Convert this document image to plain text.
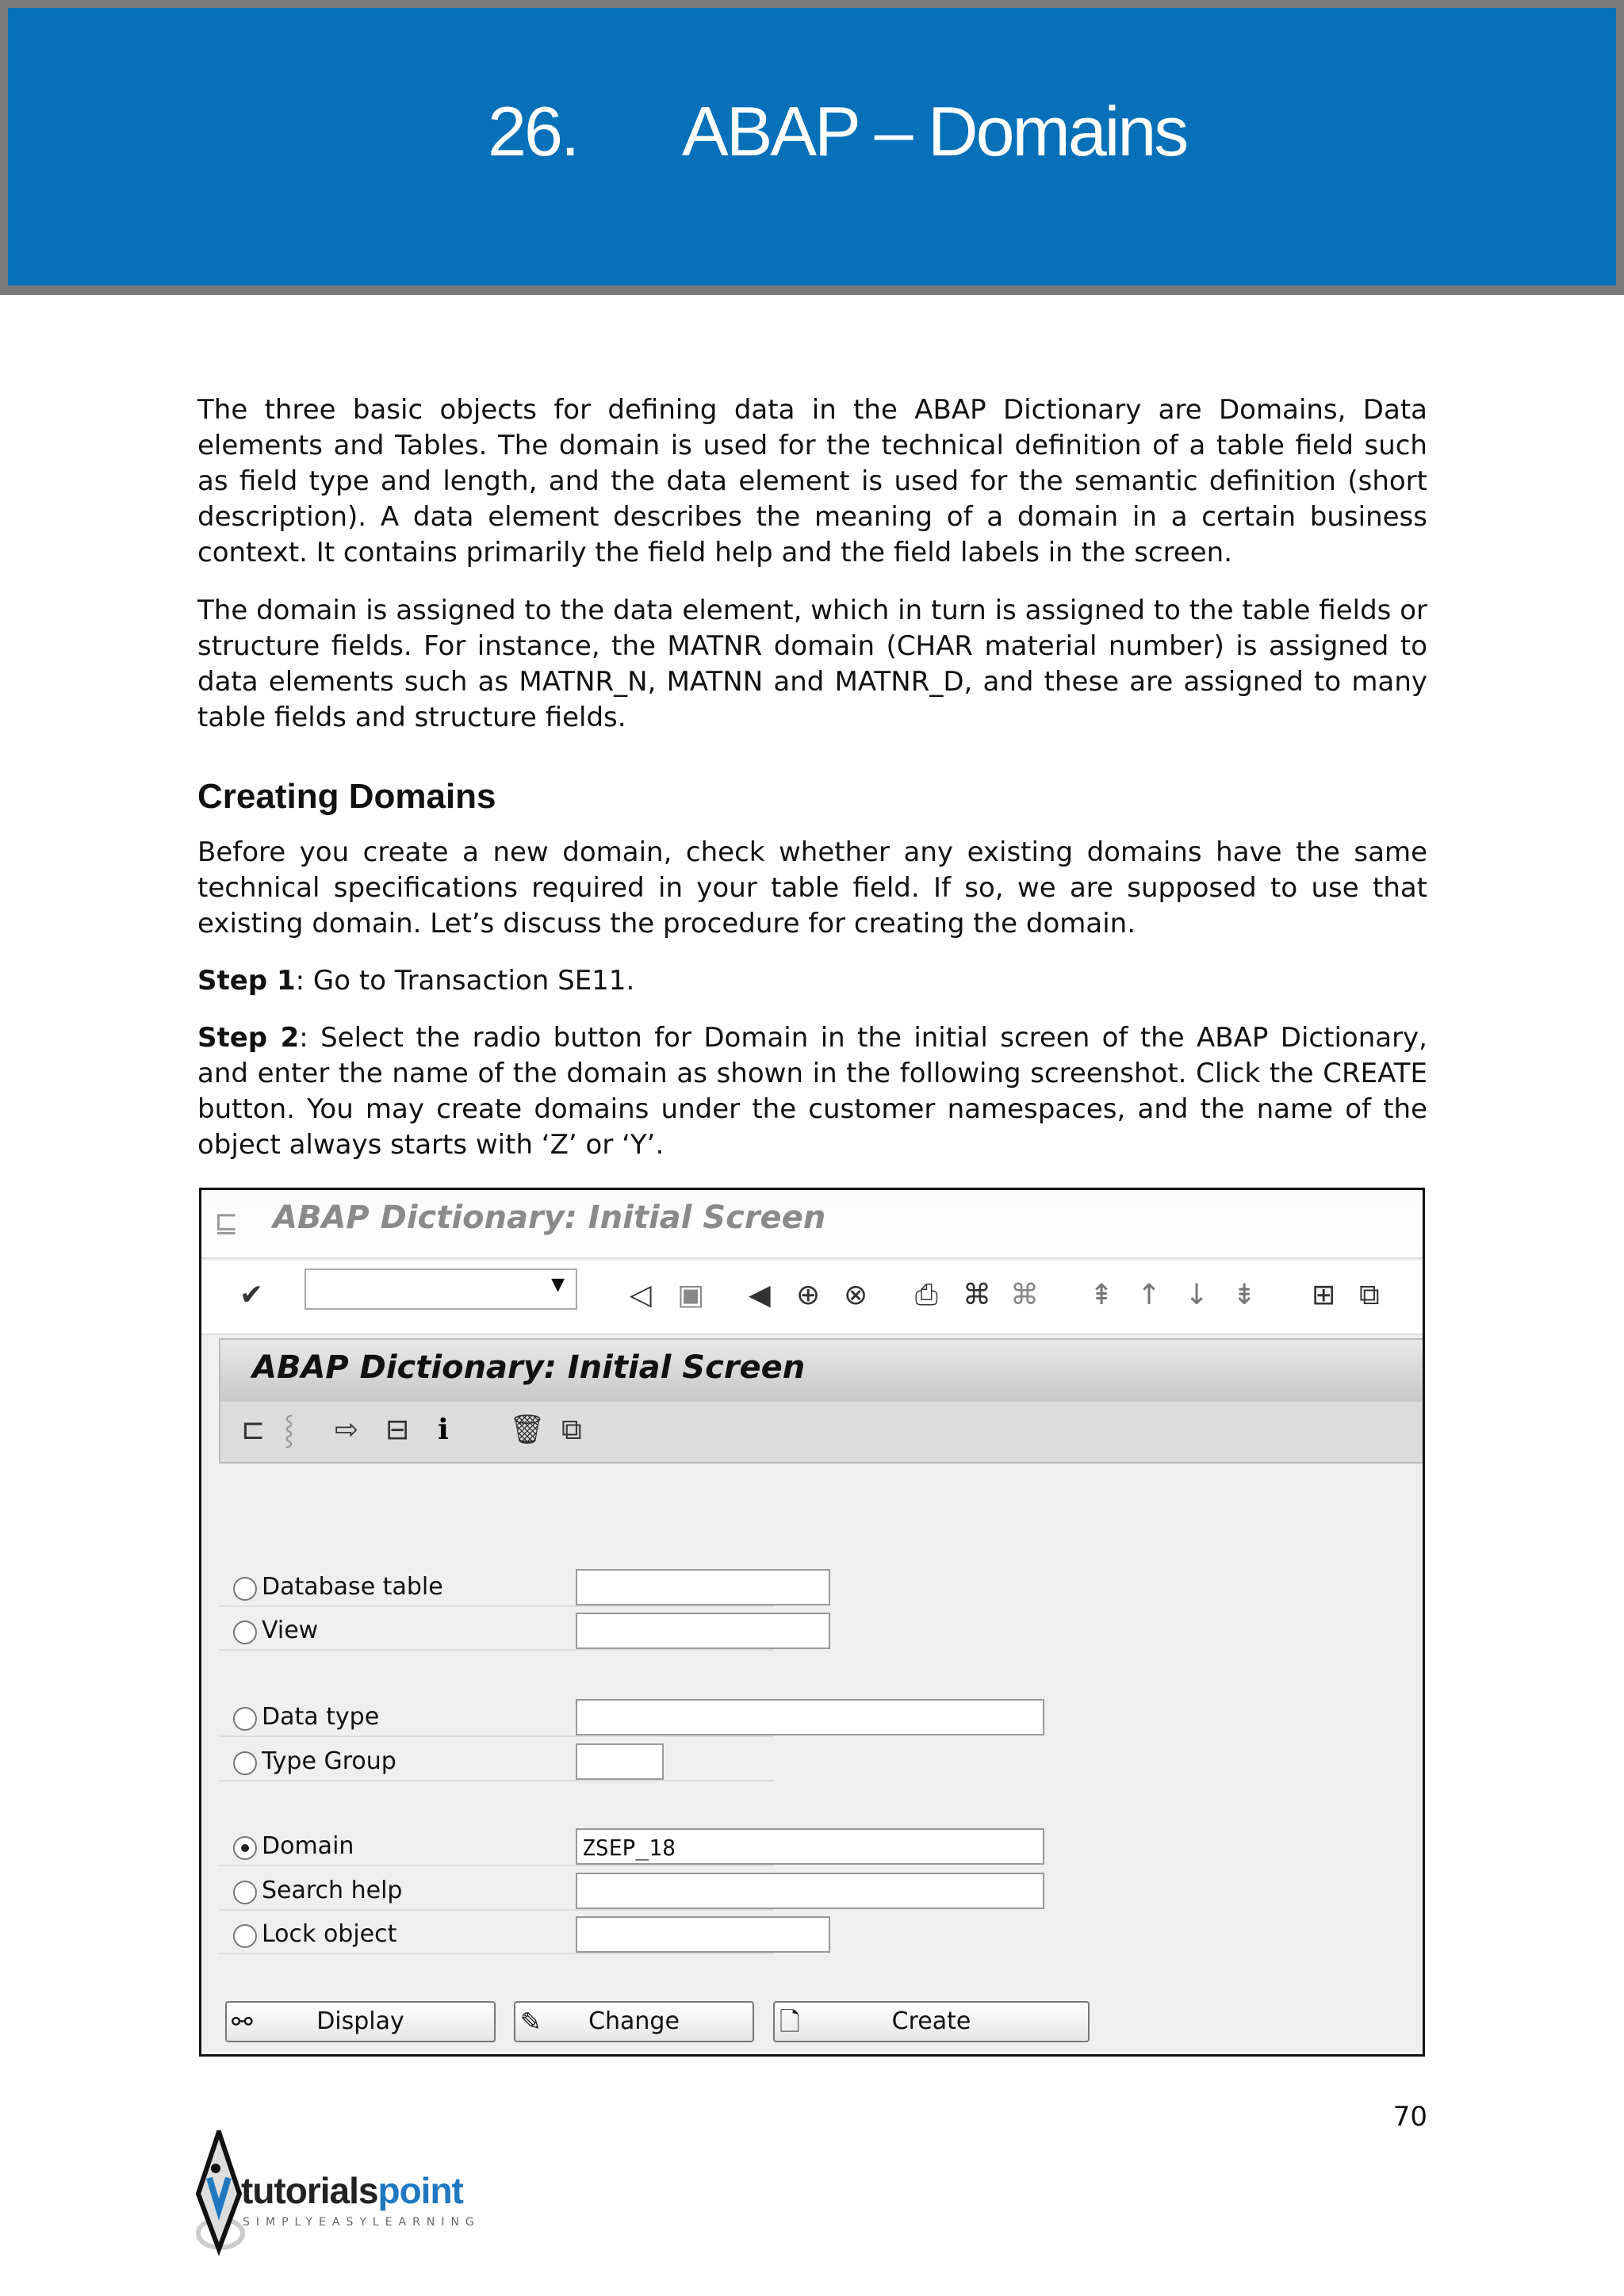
26. ABAP – Domains

The three basic objects for defining data in the ABAP Dictionary are Domains, Data elements and Tables. The domain is used for the technical definition of a table field such as field type and length, and the data element is used for the semantic definition (short description). A data element describes the meaning of a domain in a certain business context. It contains primarily the field help and the field labels in the screen.

The domain is assigned to the data element, which in turn is assigned to the table fields or structure fields. For instance, the MATNR domain (CHAR material number) is assigned to data elements such as MATNR_N, MATNN and MATNR_D, and these are assigned to many table fields and structure fields.

Creating Domains

Before you create a new domain, check whether any existing domains have the same technical specifications required in your table field. If so, we are supposed to use that existing domain. Let’s discuss the procedure for creating the domain.

Step 1: Go to Transaction SE11.

Step 2: Select the radio button for Domain in the initial screen of the ABAP Dictionary, and enter the name of the domain as shown in the following screenshot. Click the CREATE button. You may create domains under the customer namespaces, and the name of the object always starts with ‘Z’ or ‘Y’.

⊑ ABAP Dictionary: Initial Screen
✔	▼ ◁ ▣ ◀ ⊕ ⊗ ⎙ ⌘ ⌘ ⇞ ↑ ↓ ⇟ ⊞ ⧉
ABAP Dictionary: Initial Screen
⊏ ⸾ ⇨ ⊟ ℹ 🗑 ⧉
Database table
View
Data type
Type Group
Domain	ZSEP_18
Search help
Lock object
⚯	Display	✎ Change	🗋	Create
70
tutorialspoint
SIMPLYEASYLEARNING
